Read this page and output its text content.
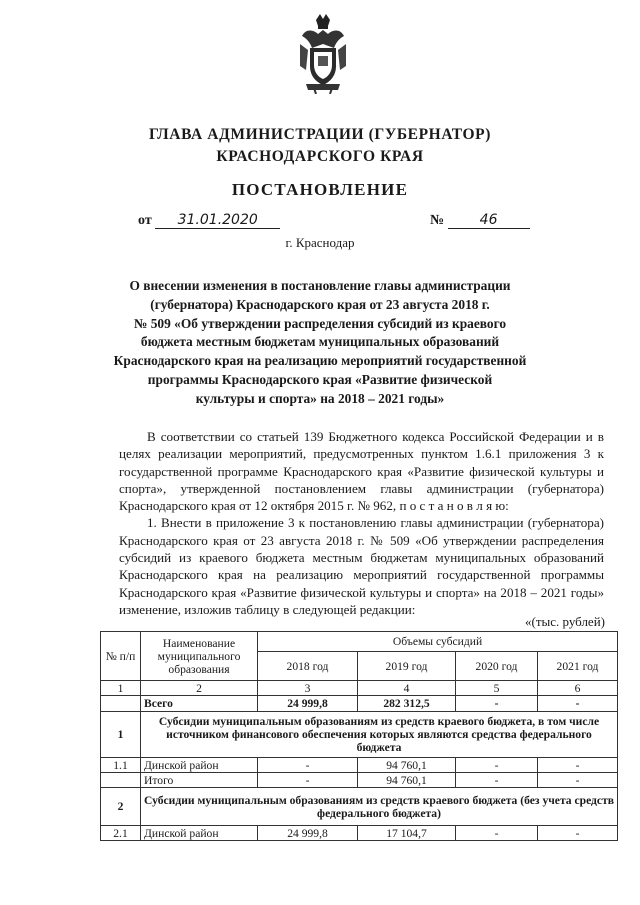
ГЛАВА АДМИНИСТРАЦИИ (ГУБЕРНАТОР)
КРАСНОДАРСКОГО КРАЯ
ПОСТАНОВЛЕНИЕ
от 31.01.2020	№	46
г. Краснодар
О внесении изменения в постановление главы администрации
(губернатора) Краснодарского края от 23 августа 2018 г.
№ 509 «Об утверждении распределения субсидий из краевого
бюджета местным бюджетам муниципальных образований
Краснодарского края на реализацию мероприятий государственной
программы Краснодарского края «Развитие физической
культуры и спорта» на 2018 – 2021 годы»

В соответствии со статьей 139 Бюджетного кодекса Российской Федерации и в целях реализации мероприятий, предусмотренных пунктом 1.6.1 приложения 3 к государственной программе Краснодарского края «Развитие физической культуры и спорта», утвержденной постановлением главы администрации (губернатора) Краснодарского края от 12 октября 2015 г. № 962, п о с т а н о в л я ю:

1. Внести в приложение 3 к постановлению главы администрации (губернатора) Краснодарского края от 23 августа 2018 г. № 509 «Об утверждении распределения субсидий из краевого бюджета местным бюджетам муниципальных образований Краснодарского края на реализацию мероприятий государственной программы Краснодарского края «Развитие физической культуры и спорта» на 2018 – 2021 годы» изменение, изложив таблицу в следующей редакции:

«(тыс. рублей)
№ п/п	Наименование муниципального образования	Объемы субсидий			
		2018 год	2019 год	2020 год	2021 год
1	2	3	4	5	6
	Всего	24 999,8	282 312,5	-	-
1	Субсидии муниципальным образованиям из средств краевого бюджета, в том числе источником финансового обеспечения которых являются средства федерального бюджета				
1.1	Динской район	-	94 760,1	-	-
	Итого	-	94 760,1	-	-
2	Субсидии муниципальным образованиям из средств краевого бюджета (без учета средств федерального бюджета)				
2.1	Динской район	24 999,8	17 104,7	-	-
